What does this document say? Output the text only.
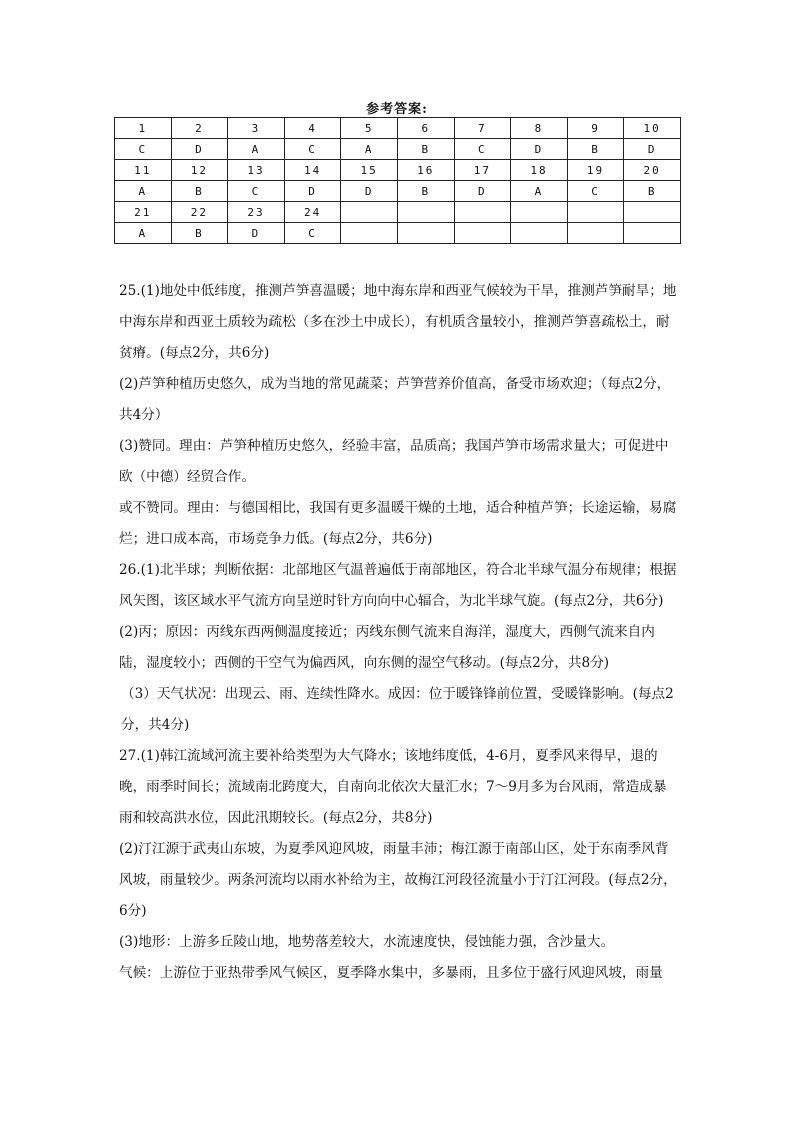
参考答案:
1	2	3	4	5	6	7	8	9	10
C	D	A	C	A	B	C	D	B	D
11	12	13	14	15	16	17	18	19	20
A	B	C	D	D	B	D	A	C	B
21	22	23	24						
A	B	D	C						

25.(1)地处中低纬度，推测芦笋喜温暖；地中海东岸和西亚气候较为干旱，推测芦笋耐旱；地中海东岸和西亚土质较为疏松（多在沙土中成长），有机质含量较小，推测芦笋喜疏松土，耐贫瘠。(每点2分，共6分)

(2)芦笋种植历史悠久，成为当地的常见蔬菜；芦笋营养价值高，备受市场欢迎；（每点2分，共4分）

(3)赞同。理由：芦笋种植历史悠久，经验丰富，品质高；我国芦笋市场需求量大；可促进中欧（中德）经贸合作。

或不赞同。理由：与德国相比，我国有更多温暖干燥的土地，适合种植芦笋；长途运输，易腐烂；进口成本高，市场竞争力低。(每点2分，共6分)

26.(1)北半球；判断依据：北部地区气温普遍低于南部地区，符合北半球气温分布规律；根据风矢图，该区域水平气流方向呈逆时针方向向中心辐合，为北半球气旋。(每点2分，共6分)

(2)丙；原因：丙线东西两侧温度接近；丙线东侧气流来自海洋，湿度大，西侧气流来自内陆，湿度较小；西侧的干空气为偏西风，向东侧的湿空气移动。(每点2分，共8分)

（3）天气状况：出现云、雨、连续性降水。成因：位于暖锋锋前位置，受暖锋影响。(每点2分，共4分)

27.(1)韩江流域河流主要补给类型为大气降水；该地纬度低，4-6月，夏季风来得早，退的晚，雨季时间长；流域南北跨度大，自南向北依次大量汇水；7～9月多为台风雨，常造成暴雨和较高洪水位，因此汛期较长。(每点2分，共8分)

(2)汀江源于武夷山东坡，为夏季风迎风坡，雨量丰沛；梅江源于南部山区，处于东南季风背风坡，雨量较少。两条河流均以雨水补给为主，故梅江河段径流量小于汀江河段。(每点2分，6分)

(3)地形：上游多丘陵山地，地势落差较大，水流速度快，侵蚀能力强，含沙量大。

气候：上游位于亚热带季风气候区，夏季降水集中，多暴雨，且多位于盛行风迎风坡，雨量
